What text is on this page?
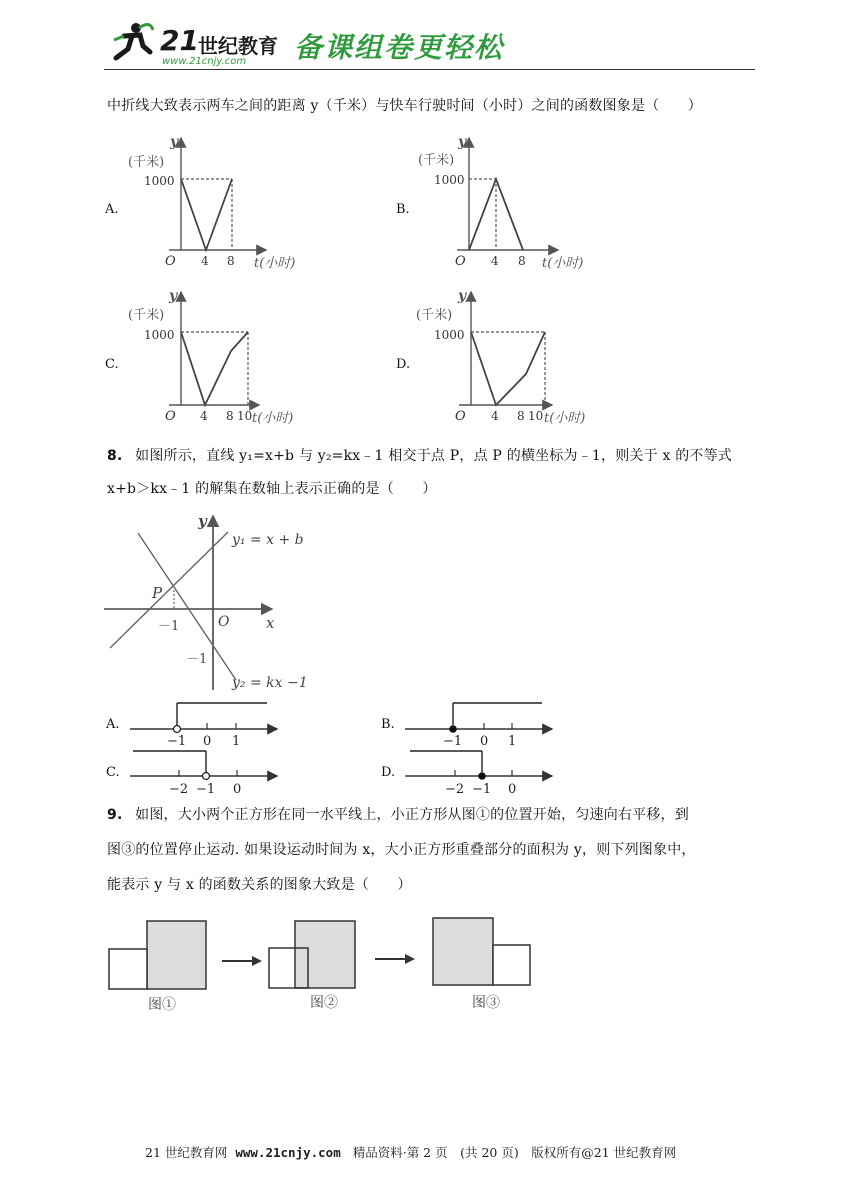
21 世纪教育
www.21cnjy.com 备课组卷更轻松
中折线大致表示两车之间的距离 y（千米）与快车行驶时间（小时）之间的函数图象是（　　）
A.
y
(千米)
1000
O 4 8 t(小时)
B.
y
(千米)
1000
O 4 8 t(小时)
C.
y
(千米)
1000
O 4 8 10 t(小时)
D.
y
(千米)
1000
O 4 8 10 t(小时)
8. 如图所示，直线 y₁=x+b 与 y₂=kx﹣1 相交于点 P，点 P 的横坐标为﹣1，则关于 x 的不等式
x+b＞kx﹣1 的解集在数轴上表示正确的是（　　）
y
x
O
P
－1
－1
y₁ = x + b
y₂ = kx −1
A.
−1 0 1
B.
−1 0 1
C.
−2 −1 0
D.
−2 −1 0
9. 如图，大小两个正方形在同一水平线上，小正方形从图①的位置开始，匀速向右平移，到
图③的位置停止运动. 如果设运动时间为 x，大小正方形重叠部分的面积为 y，则下列图象中，
能表示 y 与 x 的函数关系的图象大致是（　　）
图①	图②	图③
21 世纪教育网 www.21cnjy.com 精品资料·第 2 页　(共 20 页)　版权所有@21 世纪教育网
